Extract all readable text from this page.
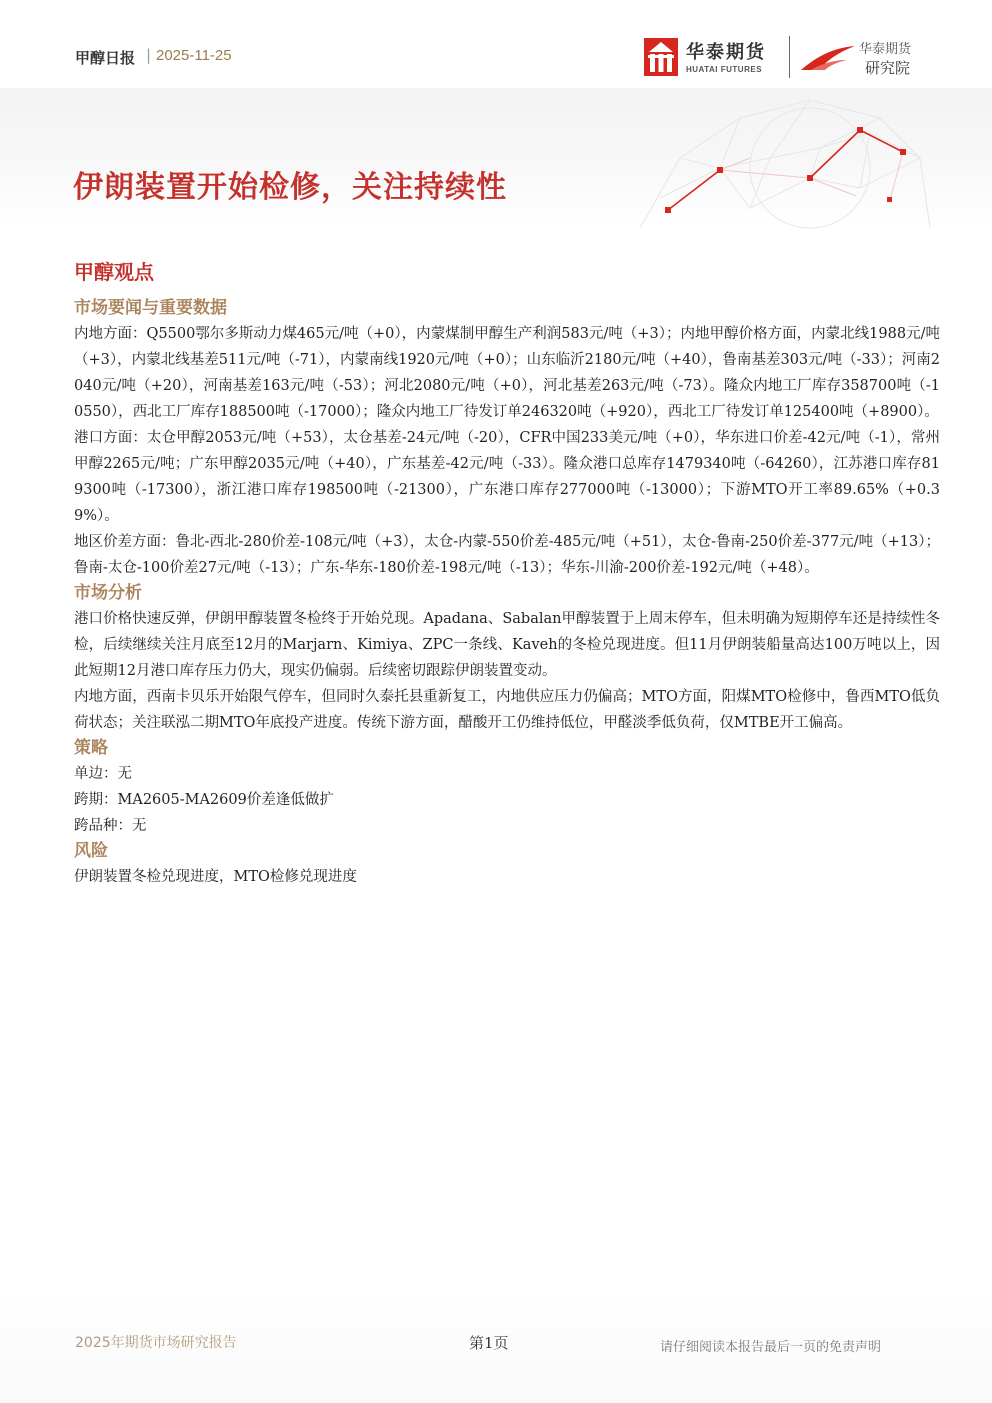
甲醇日报 | 2025-11-25	华泰期货
HUATAI FUTURES
华泰期货
研究院
伊朗装置开始检修，关注持续性
甲醇观点
市场要闻与重要数据

内地方面：Q5500鄂尔多斯动力煤465元/吨（+0），内蒙煤制甲醇生产利润583元/吨（+3）；内地甲醇价格方面，内蒙北线1988元/吨（+3），内蒙北线基差511元/吨（-71），内蒙南线1920元/吨（+0）；山东临沂2180元/吨（+40），鲁南基差303元/吨（-33）；河南2040元/吨（+20），河南基差163元/吨（-53）；河北2080元/吨（+0），河北基差263元/吨（-73）。隆众内地工厂库存358700吨（-10550），西北工厂库存188500吨（-17000）；隆众内地工厂待发订单246320吨（+920），西北工厂待发订单125400吨（+8900）。

港口方面：太仓甲醇2053元/吨（+53），太仓基差-24元/吨（-20），CFR中国233美元/吨（+0），华东进口价差-42元/吨（-1），常州甲醇2265元/吨；广东甲醇2035元/吨（+40），广东基差-42元/吨（-33）。隆众港口总库存1479340吨（-64260），江苏港口库存819300吨（-17300），浙江港口库存198500吨（-21300），广东港口库存277000吨（-13000）；下游MTO开工率89.65%（+0.39%）。

地区价差方面：鲁北-西北-280价差-108元/吨（+3），太仓-内蒙-550价差-485元/吨（+51），太仓-鲁南-250价差-377元/吨（+13）；鲁南-太仓-100价差27元/吨（-13）；广东-华东-180价差-198元/吨（-13）；华东-川渝-200价差-192元/吨（+48）。

市场分析

港口价格快速反弹，伊朗甲醇装置冬检终于开始兑现。Apadana、Sabalan甲醇装置于上周末停车，但未明确为短期停车还是持续性冬检，后续继续关注月底至12月的Marjarn、Kimiya、ZPC一条线、Kaveh的冬检兑现进度。但11月伊朗装船量高达100万吨以上，因此短期12月港口库存压力仍大，现实仍偏弱。后续密切跟踪伊朗装置变动。

内地方面，西南卡贝乐开始限气停车，但同时久泰托县重新复工，内地供应压力仍偏高；MTO方面，阳煤MTO检修中，鲁西MTO低负荷状态；关注联泓二期MTO年底投产进度。传统下游方面，醋酸开工仍维持低位，甲醛淡季低负荷，仅MTBE开工偏高。

策略

单边：无

跨期：MA2605-MA2609价差逢低做扩

跨品种：无

风险

伊朗装置冬检兑现进度，MTO检修兑现进度

2025年期货市场研究报告	第1页	请仔细阅读本报告最后一页的免责声明
